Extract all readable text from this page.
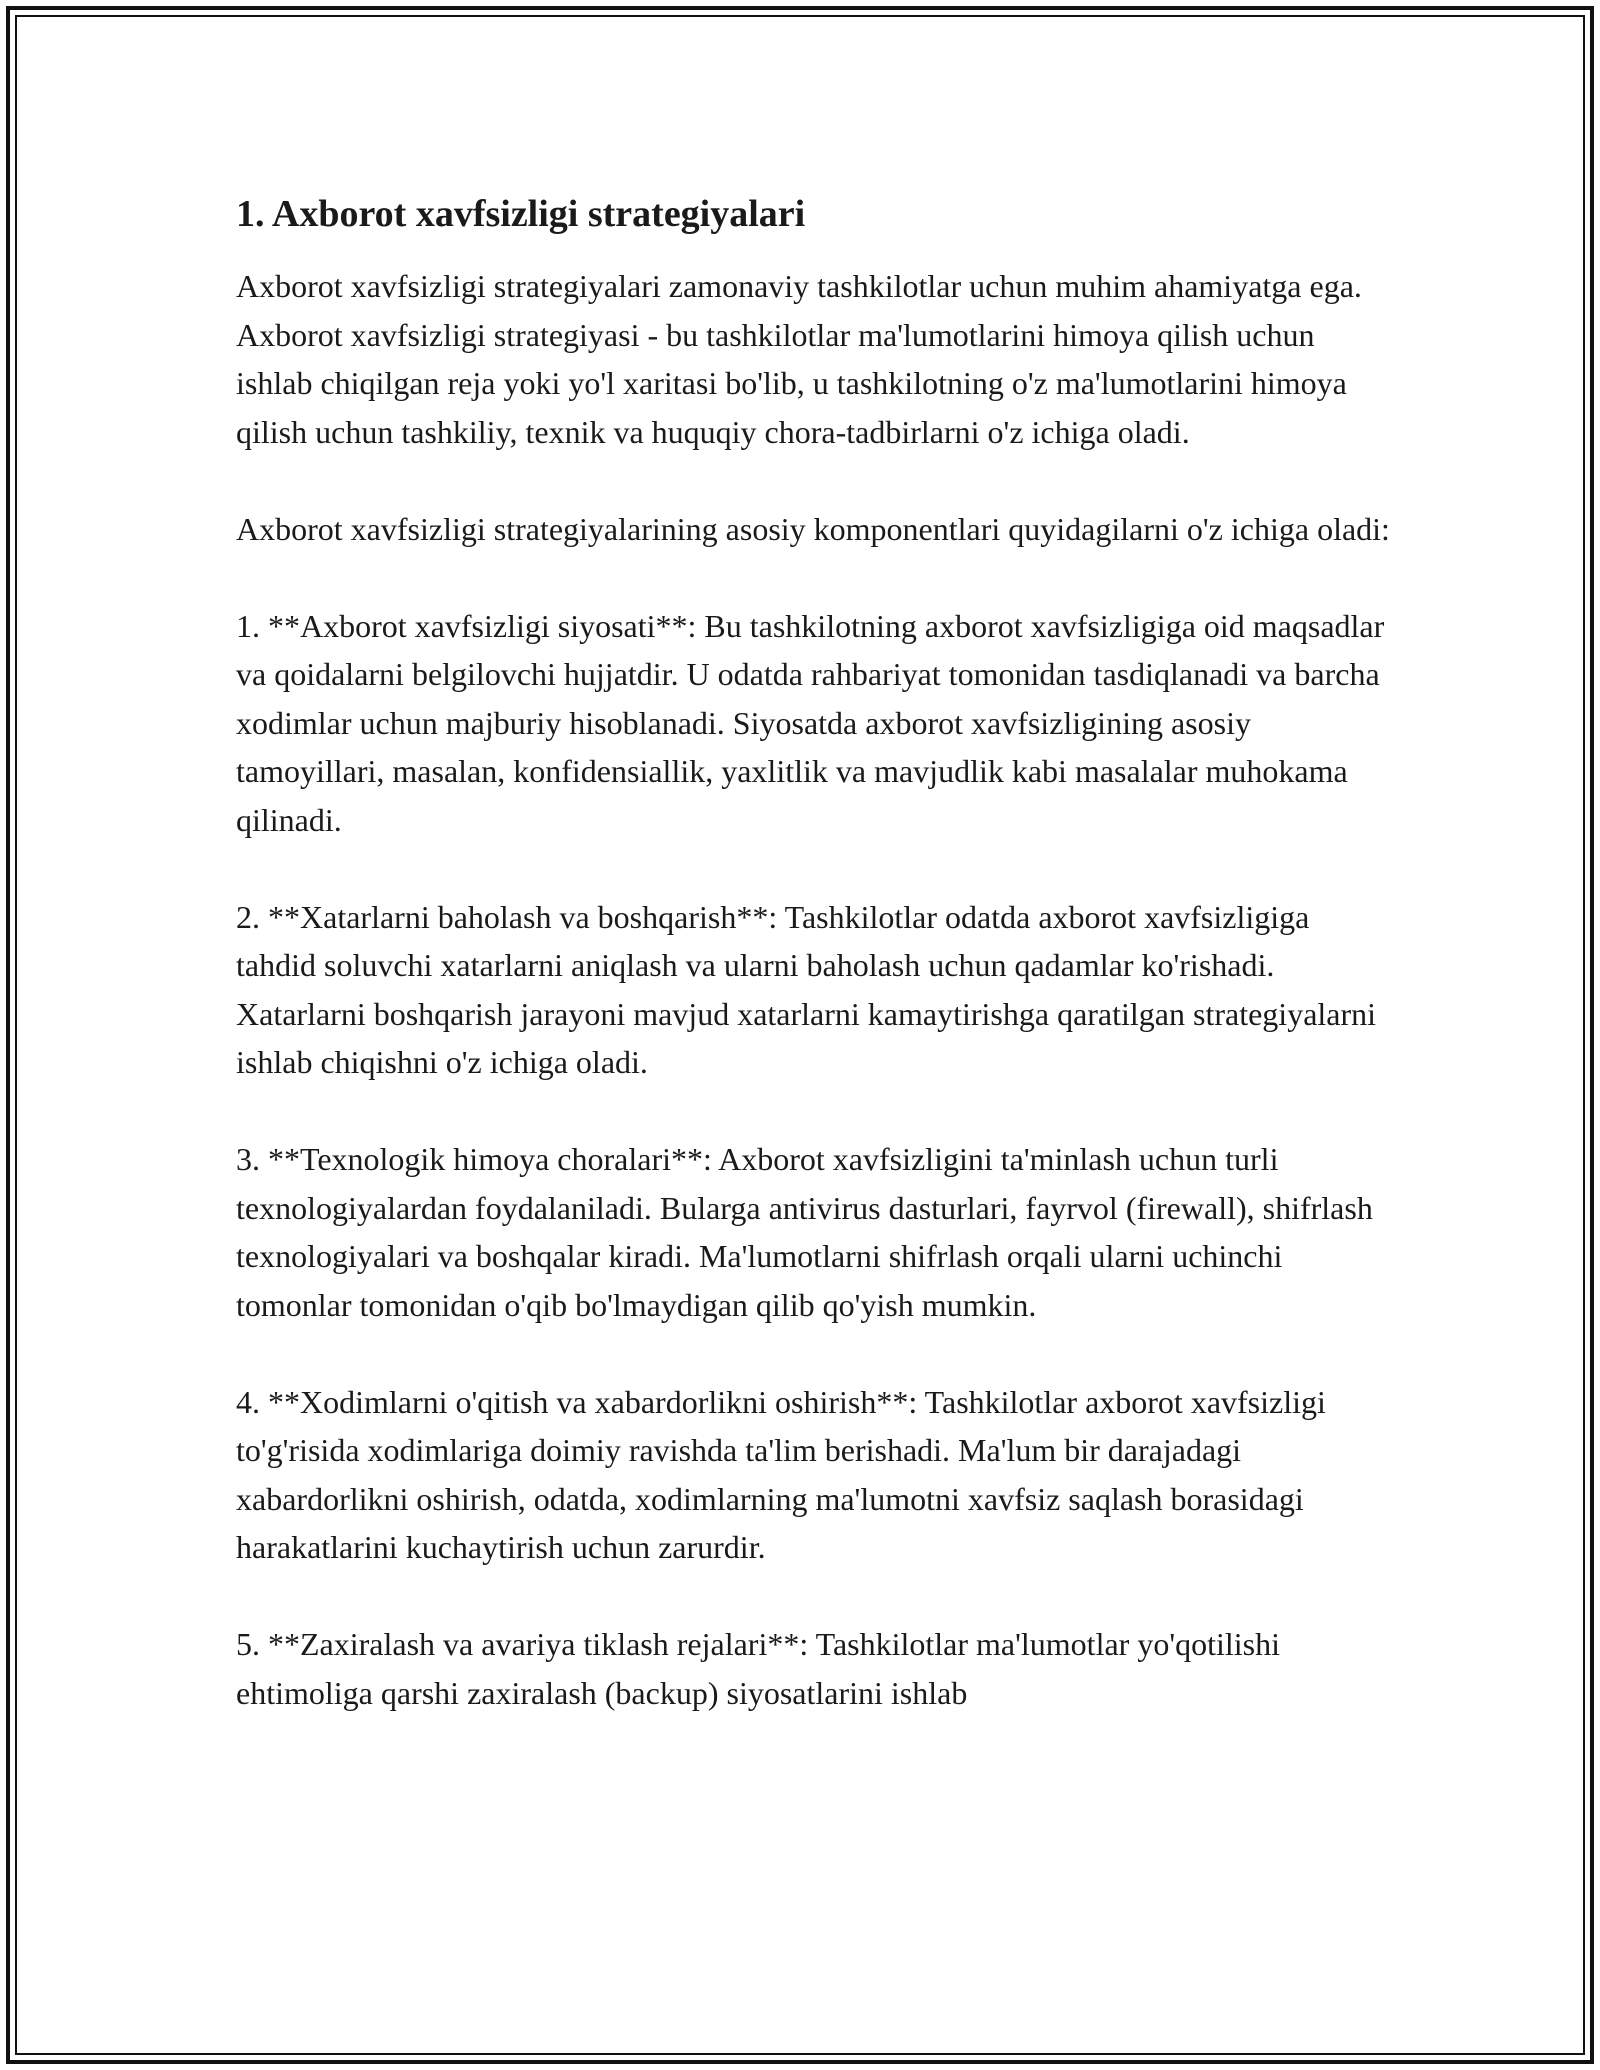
1. Axborot xavfsizligi strategiyalari

Axborot xavfsizligi strategiyalari zamonaviy tashkilotlar uchun muhim ahamiyatga ega. Axborot xavfsizligi strategiyasi - bu tashkilotlar ma'lumotlarini himoya qilish uchun ishlab chiqilgan reja yoki yo'l xaritasi bo'lib, u tashkilotning o'z ma'lumotlarini himoya qilish uchun tashkiliy, texnik va huquqiy chora-tadbirlarni o'z ichiga oladi.

Axborot xavfsizligi strategiyalarining asosiy komponentlari quyidagilarni o'z ichiga oladi:

1. **Axborot xavfsizligi siyosati**: Bu tashkilotning axborot xavfsizligiga oid maqsadlar va qoidalarni belgilovchi hujjatdir. U odatda rahbariyat tomonidan tasdiqlanadi va barcha xodimlar uchun majburiy hisoblanadi. Siyosatda axborot xavfsizligining asosiy tamoyillari, masalan, konfidensiallik, yaxlitlik va mavjudlik kabi masalalar muhokama qilinadi.

2. **Xatarlarni baholash va boshqarish**: Tashkilotlar odatda axborot xavfsizligiga tahdid soluvchi xatarlarni aniqlash va ularni baholash uchun qadamlar ko'rishadi. Xatarlarni boshqarish jarayoni mavjud xatarlarni kamaytirishga qaratilgan strategiyalarni ishlab chiqishni o'z ichiga oladi.

3. **Texnologik himoya choralari**: Axborot xavfsizligini ta'minlash uchun turli texnologiyalardan foydalaniladi. Bularga antivirus dasturlari, fayrvol (firewall), shifrlash texnologiyalari va boshqalar kiradi. Ma'lumotlarni shifrlash orqali ularni uchinchi tomonlar tomonidan o'qib bo'lmaydigan qilib qo'yish mumkin.

4. **Xodimlarni o'qitish va xabardorlikni oshirish**: Tashkilotlar axborot xavfsizligi to'g'risida xodimlariga doimiy ravishda ta'lim berishadi. Ma'lum bir darajadagi xabardorlikni oshirish, odatda, xodimlarning ma'lumotni xavfsiz saqlash borasidagi harakatlarini kuchaytirish uchun zarurdir.

5. **Zaxiralash va avariya tiklash rejalari**: Tashkilotlar ma'lumotlar yo'qotilishi ehtimoliga qarshi zaxiralash (backup) siyosatlarini ishlab
